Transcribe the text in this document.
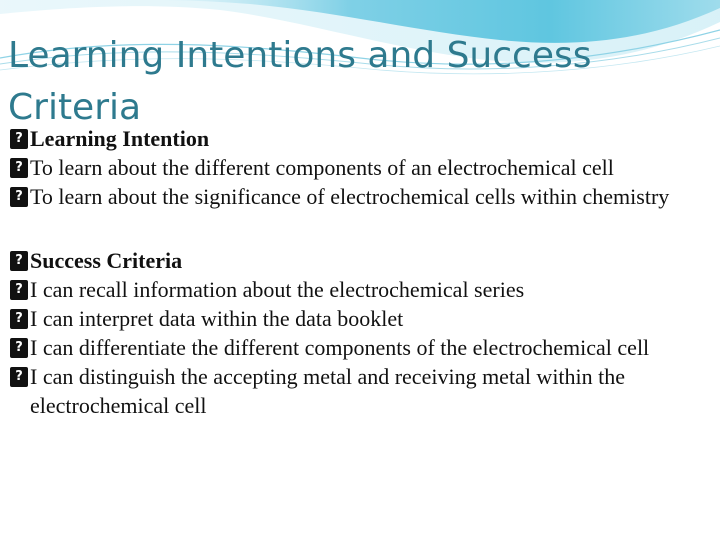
Learning Intentions and Success Criteria
? Learning Intention
? To learn about the different components of an electrochemical cell
? To learn about the significance of electrochemical cells within chemistry
? Success Criteria
? I can recall information about the electrochemical series
? I can interpret data within the data booklet
? I can differentiate the different components of the electrochemical cell
? I can distinguish the accepting metal and receiving metal within the electrochemical cell
